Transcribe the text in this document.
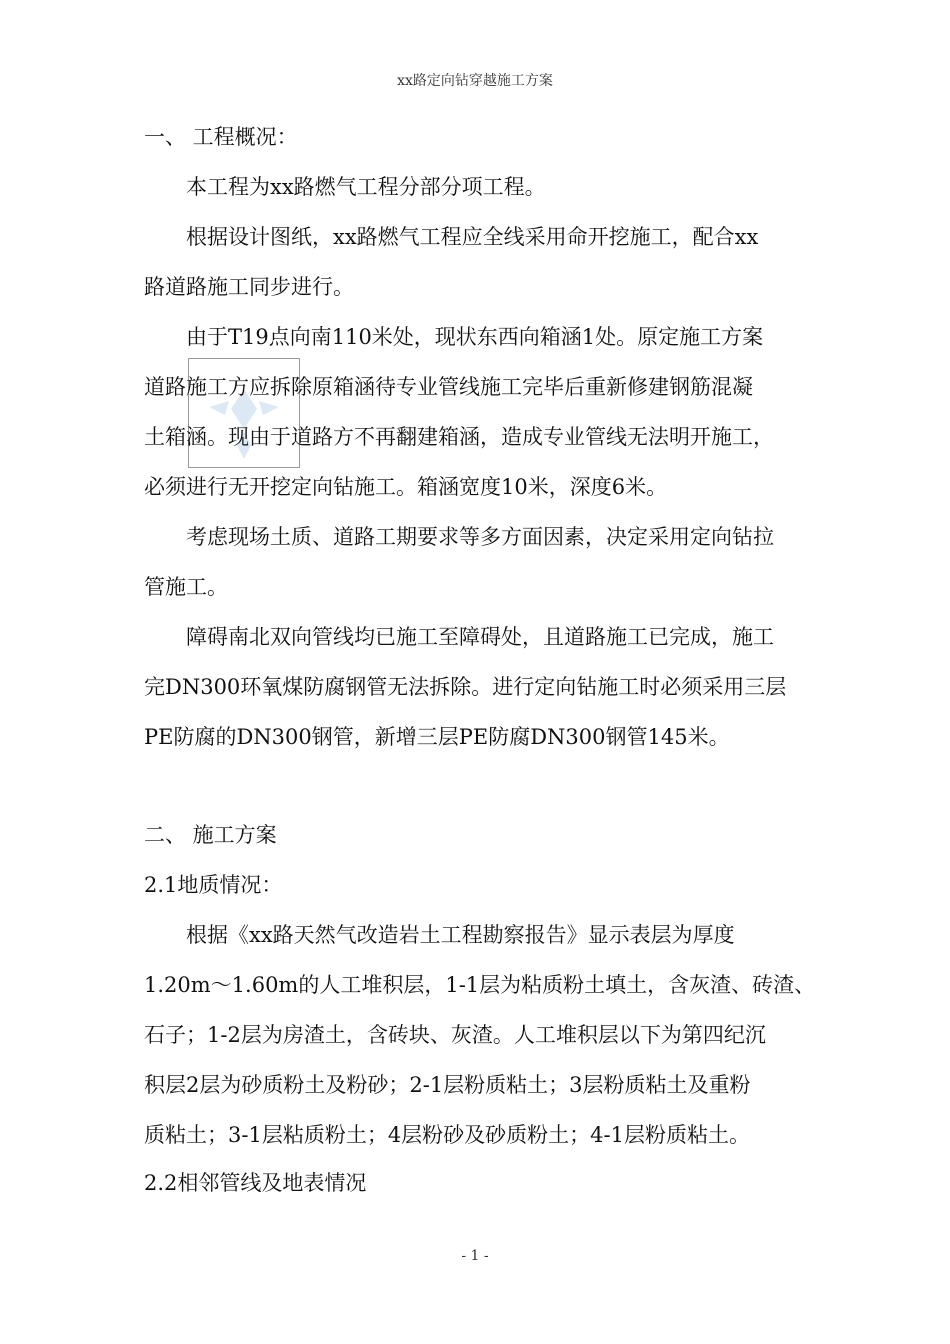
xx路定向钻穿越施工方案
一、 工程概况：
　　本工程为xx路燃气工程分部分项工程。
　　根据设计图纸，xx路燃气工程应全线采用命开挖施工，配合xx
路道路施工同步进行。
　　由于T19点向南110米处，现状东西向箱涵1处。原定施工方案
道路施工方应拆除原箱涵待专业管线施工完毕后重新修建钢筋混凝
土箱涵。现由于道路方不再翻建箱涵，造成专业管线无法明开施工，
必须进行无开挖定向钻施工。箱涵宽度10米，深度6米。
　　考虑现场土质、道路工期要求等多方面因素，决定采用定向钻拉
管施工。
　　障碍南北双向管线均已施工至障碍处，且道路施工已完成，施工
完DN300环氧煤防腐钢管无法拆除。进行定向钻施工时必须采用三层
PE防腐的DN300钢管，新增三层PE防腐DN300钢管145米。
二、 施工方案
2.1地质情况：
　　根据《xx路天然气改造岩土工程勘察报告》显示表层为厚度
1.20m～1.60m的人工堆积层，1-1层为粘质粉土填土，含灰渣、砖渣、
石子；1-2层为房渣土，含砖块、灰渣。人工堆积层以下为第四纪沉
积层2层为砂质粉土及粉砂；2-1层粉质粘土；3层粉质粘土及重粉
质粘土；3-1层粘质粉土；4层粉砂及砂质粉土；4-1层粉质粘土。
2.2相邻管线及地表情况
- 1 -
